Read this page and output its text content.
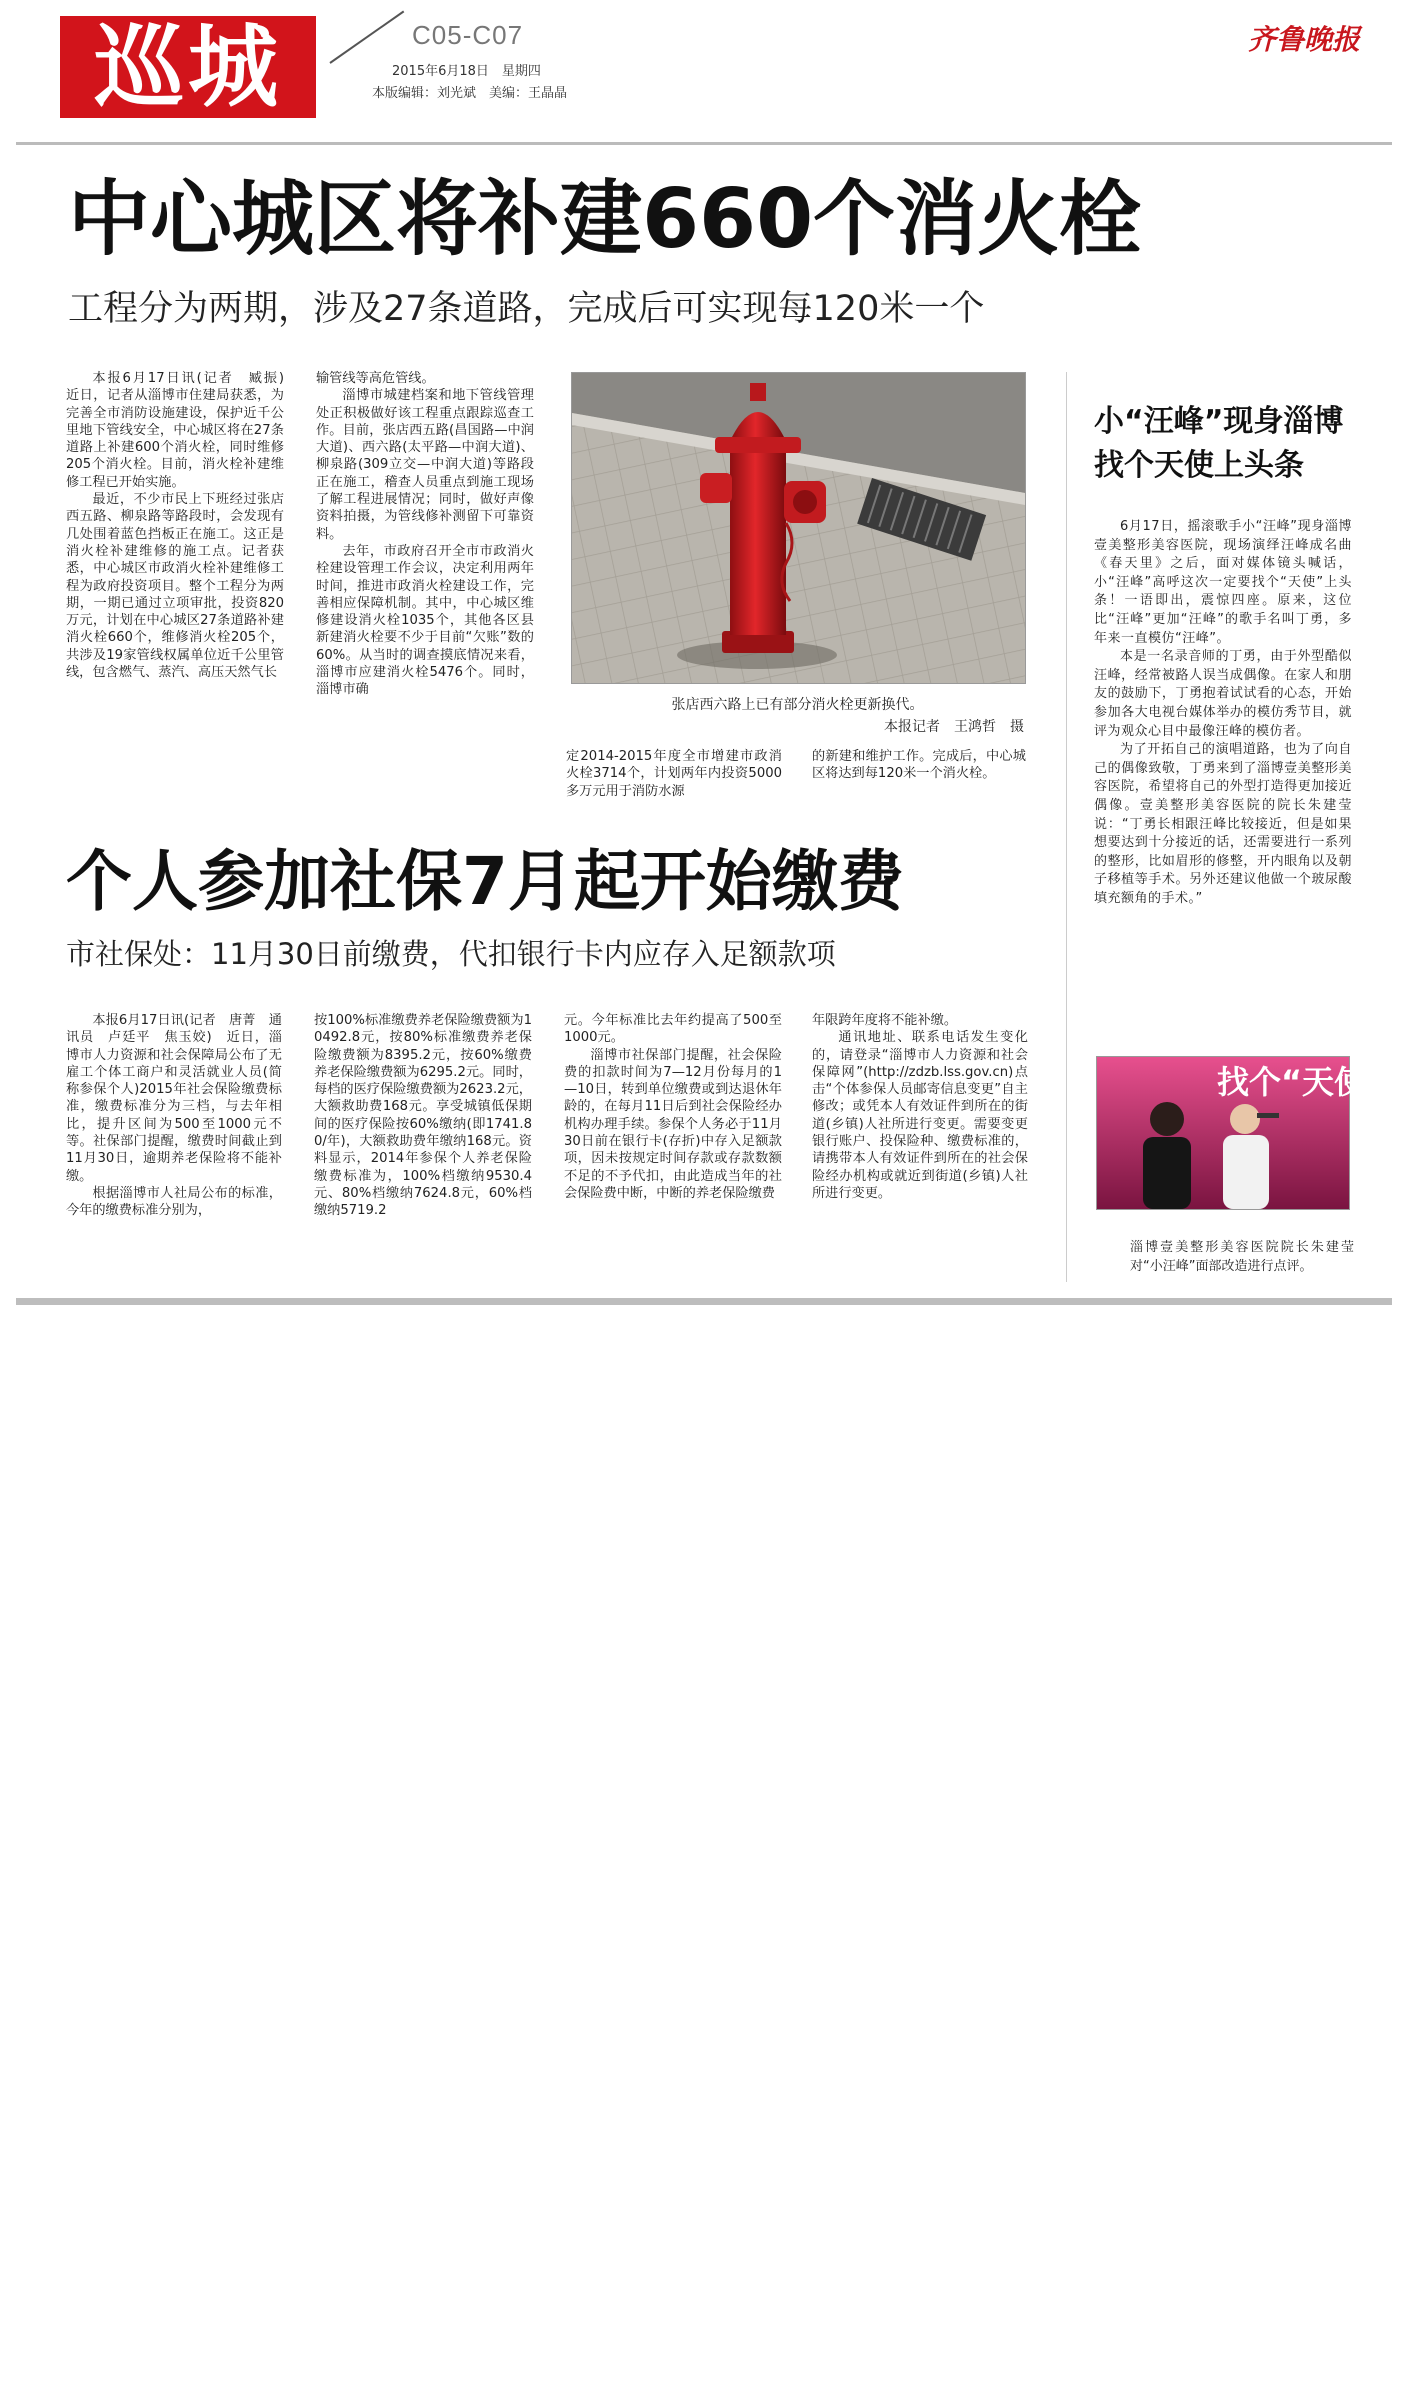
巡城	C05-C07
2015年6月18日　星期四
本版编辑：刘光斌　美编：王晶晶
齐鲁晚报
中心城区将补建660个消火栓
工程分为两期，涉及27条道路，完成后可实现每120米一个

本报6月17日讯(记者　臧振)　近日，记者从淄博市住建局获悉，为完善全市消防设施建设，保护近千公里地下管线安全，中心城区将在27条道路上补建600个消火栓，同时维修205个消火栓。目前，消火栓补建维修工程已开始实施。

最近，不少市民上下班经过张店西五路、柳泉路等路段时，会发现有几处围着蓝色挡板正在施工。这正是消火栓补建维修的施工点。记者获悉，中心城区市政消火栓补建维修工程为政府投资项目。整个工程分为两期，一期已通过立项审批，投资820万元，计划在中心城区27条道路补建消火栓660个，维修消火栓205个，共涉及19家管线权属单位近千公里管线，包含燃气、蒸汽、高压天然气长

输管线等高危管线。

淄博市城建档案和地下管线管理处正积极做好该工程重点跟踪巡查工作。目前，张店西五路(昌国路—中润大道)、西六路(太平路—中润大道)、柳泉路(309立交—中润大道)等路段正在施工，稽查人员重点到施工现场了解工程进展情况；同时，做好声像资料拍摄，为管线修补测留下可靠资料。

去年，市政府召开全市市政消火栓建设管理工作会议，决定利用两年时间，推进市政消火栓建设工作，完善相应保障机制。其中，中心城区维修建设消火栓1035个，其他各区县新建消火栓要不少于目前“欠账”数的60%。从当时的调查摸底情况来看，淄博市应建消火栓5476个。同时，淄博市确

张店西六路上已有部分消火栓更新换代。
本报记者　王鸿哲　摄

定2014-2015年度全市增建市政消火栓3714个，计划两年内投资5000多万元用于消防水源

的新建和维护工作。完成后，中心城区将达到每120米一个消火栓。

小“汪峰”现身淄博
找个天使上头条

6月17日，摇滚歌手小“汪峰”现身淄博壹美整形美容医院，现场演绎汪峰成名曲《春天里》之后，面对媒体镜头喊话，小“汪峰”高呼这次一定要找个“天使”上头条！一语即出，震惊四座。原来，这位比“汪峰”更加“汪峰”的歌手名叫丁勇，多年来一直模仿“汪峰”。

本是一名录音师的丁勇，由于外型酷似汪峰，经常被路人误当成偶像。在家人和朋友的鼓励下，丁勇抱着试试看的心态，开始参加各大电视台媒体举办的模仿秀节目，就评为观众心目中最像汪峰的模仿者。

为了开拓自己的演唱道路，也为了向自己的偶像致敬，丁勇来到了淄博壹美整形美容医院，希望将自己的外型打造得更加接近偶像。壹美整形美容医院的院长朱建莹说：“丁勇长相跟汪峰比较接近，但是如果想要达到十分接近的话，还需要进行一系列的整形，比如眉形的修整，开内眼角以及朝子移植等手术。另外还建议他做一个玻尿酸填充额角的手术。”

找个“天使
淄博壹美整形美容医院院长朱建莹对“小汪峰”面部改造进行点评。
个人参加社保7月起开始缴费
市社保处：11月30日前缴费，代扣银行卡内应存入足额款项

本报6月17日讯(记者　唐菁　通讯员　卢廷平　焦玉姣)　近日，淄博市人力资源和社会保障局公布了无雇工个体工商户和灵活就业人员(简称参保个人)2015年社会保险缴费标准，缴费标准分为三档，与去年相比，提升区间为500至1000元不等。社保部门提醒，缴费时间截止到11月30日，逾期养老保险将不能补缴。

根据淄博市人社局公布的标准，今年的缴费标准分别为，

按100%标准缴费养老保险缴费额为10492.8元，按80%标准缴费养老保险缴费额为8395.2元，按60%缴费养老保险缴费额为6295.2元。同时，每档的医疗保险缴费额为2623.2元，大额救助费168元。享受城镇低保期间的医疗保险按60%缴纳(即1741.80/年)，大额救助费年缴纳168元。资料显示，2014年参保个人养老保险缴费标准为，100%档缴纳9530.4元、80%档缴纳7624.8元，60%档缴纳5719.2

元。今年标准比去年约提高了500至1000元。

淄博市社保部门提醒，社会保险费的扣款时间为7—12月份每月的1—10日，转到单位缴费或到达退休年龄的，在每月11日后到社会保险经办机构办理手续。参保个人务必于11月30日前在银行卡(存折)中存入足额款项，因未按规定时间存款或存款数额不足的不予代扣，由此造成当年的社会保险费中断，中断的养老保险缴费

年限跨年度将不能补缴。

通讯地址、联系电话发生变化的，请登录“淄博市人力资源和社会保障网”(http://zdzb.lss.gov.cn)点击“个体参保人员邮寄信息变更”自主修改；或凭本人有效证件到所在的街道(乡镇)人社所进行变更。需要变更银行账户、投保险种、缴费标准的，请携带本人有效证件到所在的社会保险经办机构或就近到街道(乡镇)人社所进行变更。
